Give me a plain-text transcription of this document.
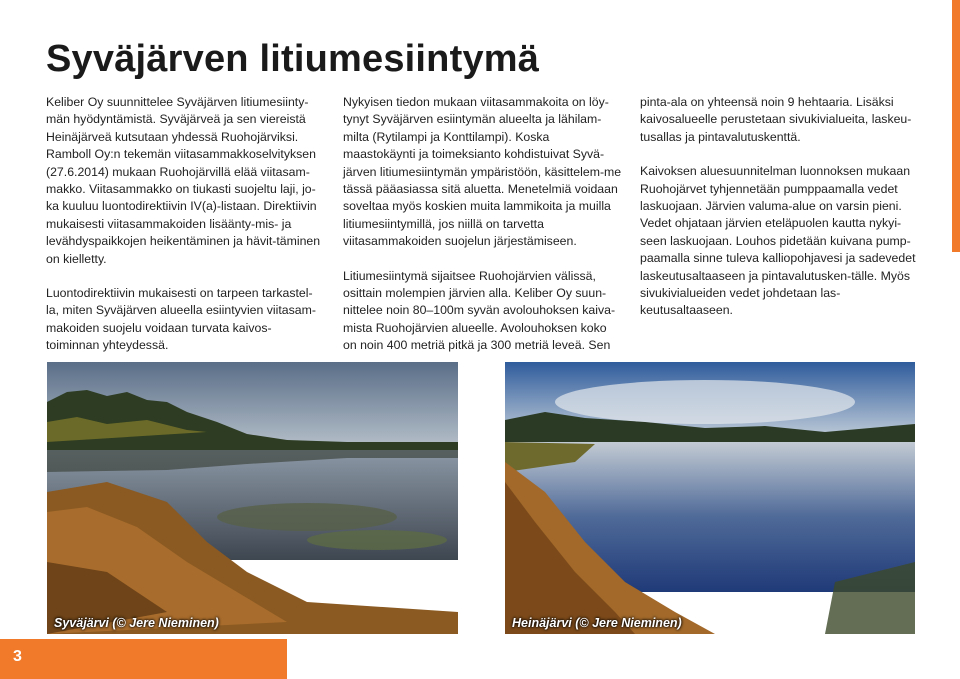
Syväjärven litiumesiintymä

Keliber Oy suunnittelee Syväjärven litiumesiinty-män hyödyntämistä. Syväjärveä ja sen viereistä Heinäjärveä kutsutaan yhdessä Ruohojärviksi. Ramboll Oy:n tekemän viitasammakkoselvityksen (27.6.2014) mukaan Ruohojärvillä elää viitasam-makko. Viitasammakko on tiukasti suojeltu laji, jo-ka kuuluu luontodirektiivin IV(a)-listaan. Direktiivin mukaisesti viitasammakoiden lisäänty-mis- ja levähdyspaikkojen heikentäminen ja hävit-täminen on kielletty.

Luontodirektiivin mukaisesti on tarpeen tarkastel-la, miten Syväjärven alueella esiintyvien viitasam-makoiden suojelu voidaan turvata kaivos-toiminnan yhteydessä.

Nykyisen tiedon mukaan viitasammakoita on löy-tynyt Syväjärven esiintymän alueelta ja lähilam-milta (Rytilampi ja Konttilampi). Koska maastokäynti ja toimeksianto kohdistuivat Syvä-järven litiumesiintymän ympäristöön, käsittelem-me tässä pääasiassa sitä aluetta. Menetelmiä voidaan soveltaa myös koskien muita lammikoita ja muilla litiumesiintymillä, jos niillä on tarvetta viitasammakoiden suojelun järjestämiseen.

Litiumesiintymä sijaitsee Ruohojärvien välissä, osittain molempien järvien alla. Keliber Oy suun-nittelee noin 80–100m syvän avolouhoksen kaiva-mista Ruohojärvien alueelle. Avolouhoksen koko on noin 400 metriä pitkä ja 300 metriä leveä. Sen

pinta-ala on yhteensä noin 9 hehtaaria. Lisäksi kaivosalueelle perustetaan sivukivialueita, laskeu-tusallas ja pintavalutuskenttä.

Kaivoksen aluesuunnitelman luonnoksen mukaan Ruohojärvet tyhjennetään pumppaamalla vedet laskuojaan. Järvien valuma-alue on varsin pieni. Vedet ohjataan järvien eteläpuolen kautta nykyi-seen laskuojaan. Louhos pidetään kuivana pump-paamalla sinne tuleva kalliopohjavesi ja sadevedet laskeutusaltaaseen ja pintavalutusken-tälle. Myös sivukivialueiden vedet johdetaan las-keutusaltaaseen.

Syväjärvi (© Jere Nieminen)	Heinäjärvi (© Jere Nieminen)
3
